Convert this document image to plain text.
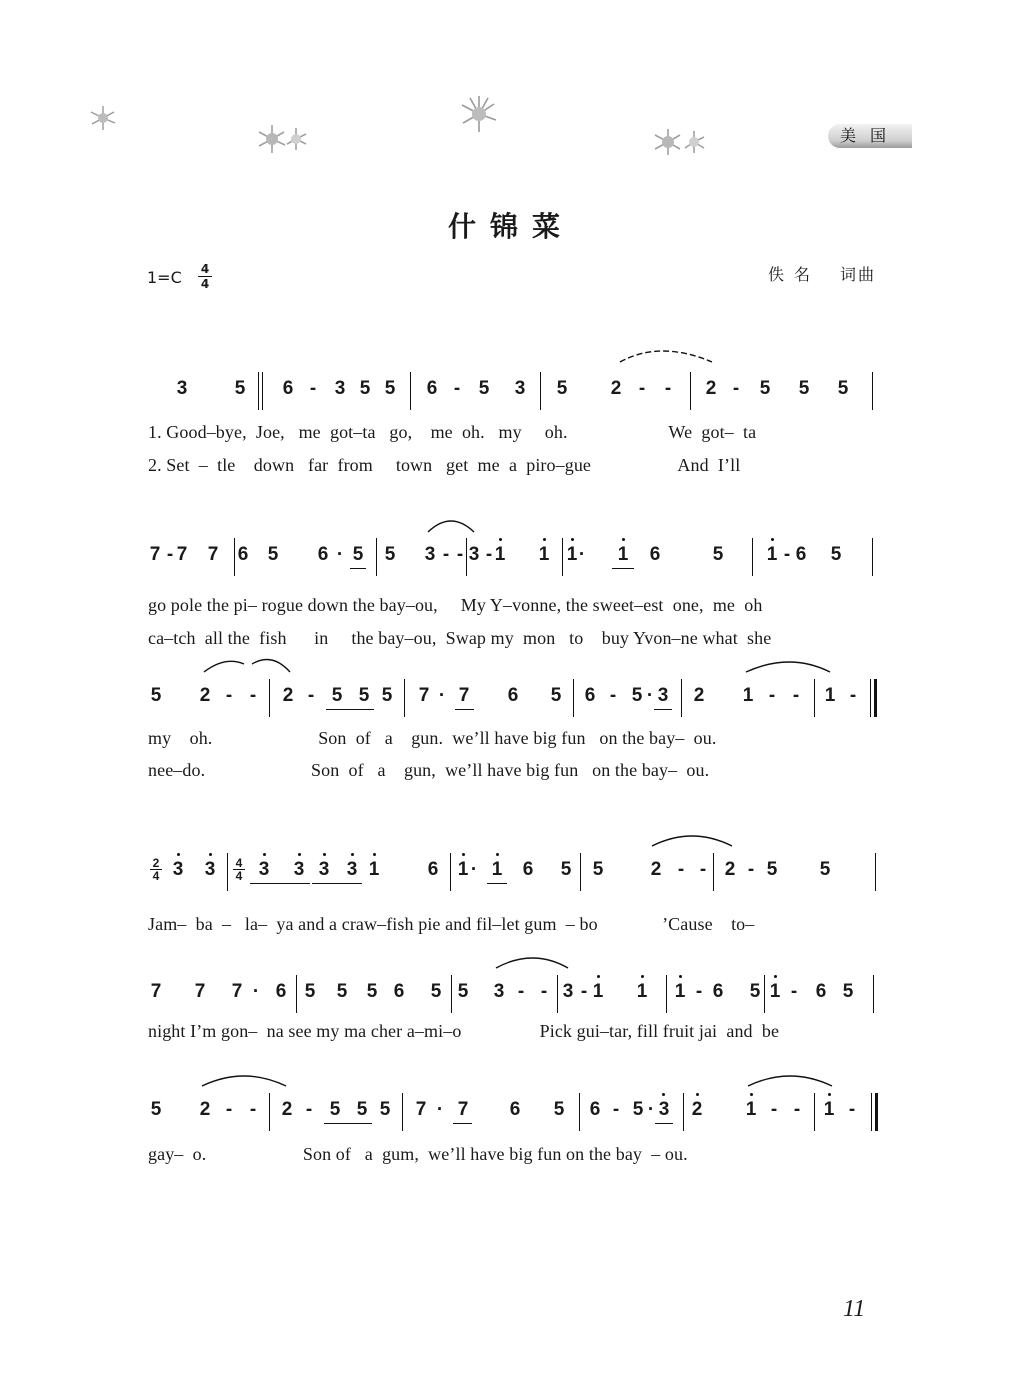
美国
什锦菜
$1=C \frac{4}{4}$	佚名 词曲
3 5 6 - 3 5 5 6 - 5 3 5 2 - - 2 - 5 5 5
7 - 7 7 6 5 6 · 5 5 3 - - 3 - 1 1 1 · 1 6	5 1 - 6 5
5 2 - - 2 - 5 5 5 7 · 7 6 5 6 - 5 · 3 2 1 - - 1 -
3 3 3 3 3 3 1	6 1 · 1 6 5 5 2 - - 2 - 5 5
7 7 7 · 6 5 5 5 6 5 5 3 - - 3 - 1 1 1 - 6 5 1 - 6 5
5 2 - - 2 - 5 5 5 7 · 7 6 5 6 - 5 · 3 2 1 - - 1 -
$\frac{2}{4}$	$\frac{4}{4}$
1. Good–bye,  Joe,   me  got–ta   go,    me  oh.   my     oh.                      We  got–  ta
2. Set  –  tle    down   far  from     town   get  me  a  piro–gue                   And  I’ll
go pole the pi– rogue down the bay–ou,     My Y–vonne, the sweet–est  one,  me  oh
ca–tch  all the  fish      in     the bay–ou,  Swap my  mon   to    buy Yvon–ne what  she
my    oh.                       Son  of   a    gun.  we’ll have big fun   on the bay–  ou.
nee–do.                       Son  of   a    gun,  we’ll have big fun   on the bay–  ou.
Jam–  ba  –   la–  ya and a craw–fish pie and fil–let gum  – bo              ’Cause    to–
night I’m gon–  na see my ma cher a–mi–o                 Pick gui–tar, fill fruit jai  and  be
gay–  o.                     Son of   a  gum,  we’ll have big fun on the bay  – ou.
11
